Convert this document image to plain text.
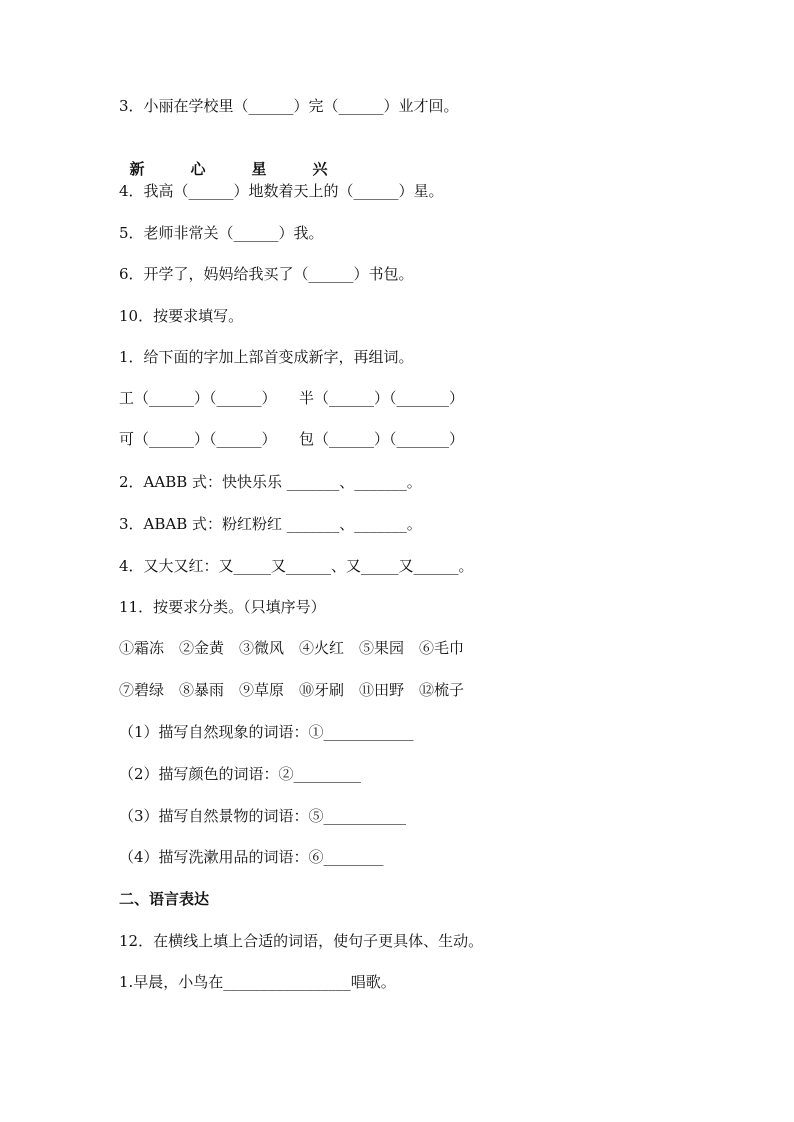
3．小丽在学校里（______）完（______）业才回。

新	心	星	兴

4．我高（______）地数着天上的（______）星。
5．老师非常关（______）我。
6．开学了，妈妈给我买了（______）书包。
10．按要求填写。
1．给下面的字加上部首变成新字，再组词。
工（______）（______）　　半（______）（_______）
可（______）（______）　　包（______）（_______）
2．AABB 式：快快乐乐 _______、_______。
3．ABAB 式：粉红粉红 _______、_______。
4．又大又红：又_____又______、又_____又______。
11．按要求分类。（只填序号）
①霜冻　②金黄　③微风　④火红　⑤果园　⑥毛巾
⑦碧绿　⑧暴雨　⑨草原　⑩牙刷　⑪田野　⑫梳子
（1）描写自然现象的词语：①____________
（2）描写颜色的词语：②_________
（3）描写自然景物的词语：⑤___________
（4）描写洗漱用品的词语：⑥________
二、语言表达
12．在横线上填上合适的词语，使句子更具体、生动。
1.早晨，小鸟在_________________唱歌。
